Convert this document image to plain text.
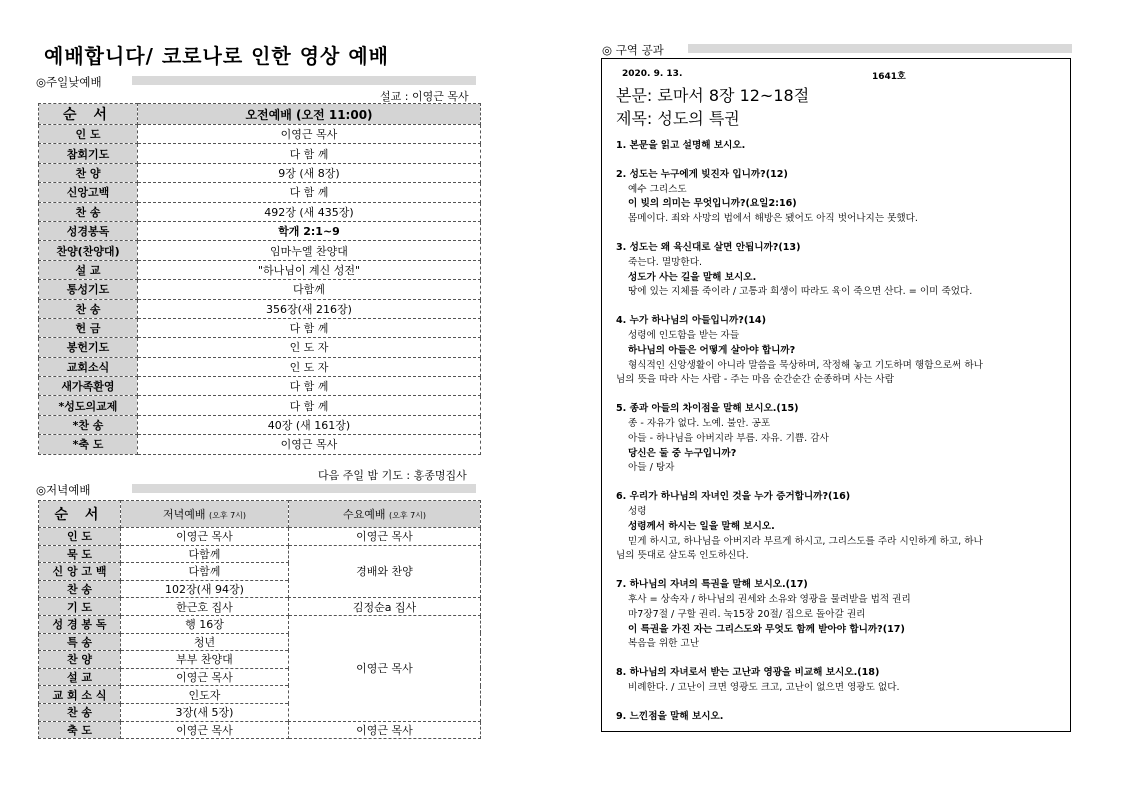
예배합니다/ 코로나로 인한 영상 예배
◎주일낮예배
설교 : 이영근 목사
순 서	오전예배 (오전 11:00)
인 도	이영근 목사
참회기도	다 함 께
찬 양	9장 (새 8장)
신앙고백	다 함 께
찬 송	492장 (새 435장)
성경봉독	학개 2:1~9
찬양(찬양대)	임마누엘 찬양대
설 교	"하나님이 계신 성전"
통성기도	다함께
찬 송	356장(새 216장)
헌 금	다 함 께
봉헌기도	인 도 자
교회소식	인 도 자
새가족환영	다 함 께
*성도의교제	다 함 께
*찬 송	40장 (새 161장)
*축 도	이영근 목사
다음 주일 밤 기도 : 홍종명집사
◎저녁예배
순 서	저녁예배 (오후 7시)	수요예배 (오후 7시)
인 도	이영근 목사	이영근 목사
묵 도	다함께	경배와 찬양
신 앙 고 백	다함께	
찬 송	102장(새 94장)	
기 도	한근호 집사	김정순a 집사
성 경 봉 독	행 16장	이영근 목사
특 송	청년	
찬 양	부부 찬양대	
설 교	이영근 목사	
교 회 소 식	인도자	
찬 송	3장(새 5장)	
축 도	이영근 목사	이영근 목사
◎ 구역 공과
2020. 9. 13.	1641호
본문: 로마서 8장 12~18절
제목: 성도의 특권
1. 본문을 읽고 설명해 보시오.
2. 성도는 누구에게 빚진자 입니까?(12)
예수 그리스도
이 빚의 의미는 무엇입니까?(요일2:16)
몸메이다. 죄와 사망의 법에서 해방은 됐어도 아직 벗어나지는 못했다.
3. 성도는 왜 육신대로 살면 안됩니까?(13)
죽는다. 멸망한다.
성도가 사는 길을 말해 보시오.
땅에 있는 지체를 죽이라 / 고통과 희생이 따라도 육이 죽으면 산다. = 이미 죽었다.
4. 누가 하나님의 아들입니까?(14)
성령에 인도함을 받는 자들
하나님의 아들은 어떻게 살아야 합니까?
형식적인 신앙생활이 아니라 말씀을 묵상하며, 작정해 놓고 기도하며 행함으로써 하나
님의 뜻을 따라 사는 사람 - 주는 마음 순간순간 순종하며 사는 사람
5. 종과 아들의 차이점을 말해 보시오.(15)
종 - 자유가 없다. 노예. 불안. 공포
아들 - 하나님을 아버지라 부름. 자유. 기쁨. 감사
당신은 둘 중 누구입니까?
아들 / 탕자
6. 우리가 하나님의 자녀인 것을 누가 증거합니까?(16)
성령
성령께서 하시는 일을 말해 보시오.
믿게 하시고, 하나님을 아버지라 부르게 하시고, 그리스도를 주라 시인하게 하고, 하나
님의 뜻대로 살도록 인도하신다.
7. 하나님의 자녀의 특권을 말해 보시오.(17)
후사 = 상속자 / 하나님의 권세와 소유와 영광을 물려받을 법적 권리
마7장7절 / 구할 권리. 눅15장 20절/ 집으로 돌아갈 권리
이 특권을 가진 자는 그리스도와 무엇도 함께 받아야 합니까?(17)
복음을 위한 고난
8. 하나님의 자녀로서 받는 고난과 영광을 비교해 보시오.(18)
비례한다. / 고난이 크면 영광도 크고, 고난이 없으면 영광도 없다.
9. 느낀점을 말해 보시오.
